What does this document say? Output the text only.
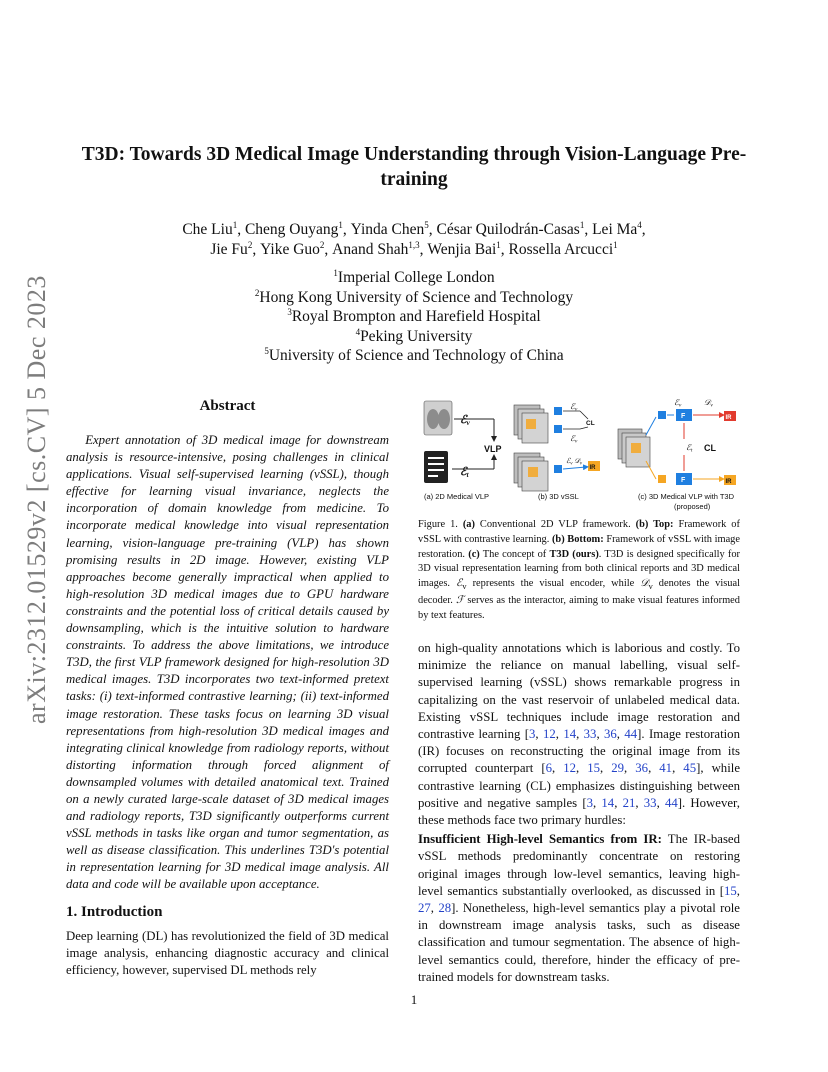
arXiv:2312.01529v2 [cs.CV] 5 Dec 2023
T3D: Towards 3D Medical Image Understanding through Vision-Language Pre-training
Che Liu$^1$, Cheng Ouyang$^1$, Yinda Chen$^5$, César Quilodrán-Casas$^1$, Lei Ma$^4$,
Jie Fu$^2$, Yike Guo$^2$, Anand Shah$^{1,3}$, Wenjia Bai$^1$, Rossella Arcucci$^1$
$^1$Imperial College London
$^2$Hong Kong University of Science and Technology
$^3$Royal Brompton and Harefield Hospital
$^4$Peking University
$^5$University of Science and Technology of China
Abstract

Expert annotation of 3D medical image for downstream analysis is resource-intensive, posing challenges in clinical applications. Visual self-supervised learning (vSSL), though effective for learning visual invariance, neglects the incorporation of domain knowledge from medicine. To incorporate medical knowledge into visual representation learning, vision-language pre-training (VLP) has shown promising results in 2D image. However, existing VLP approaches become generally impractical when applied to high-resolution 3D medical images due to GPU hardware constraints and the potential loss of critical details caused by downsampling, which is the intuitive solution to hardware constraints. To address the above limitations, we introduce T3D, the first VLP framework designed for high-resolution 3D medical images. T3D incorporates two text-informed pretext tasks: (i) text-informed contrastive learning; (ii) text-informed image restoration. These tasks focus on learning 3D visual representations from high-resolution 3D medical images and integrating clinical knowledge from radiology reports, without distorting information through forced alignment of downsampled volumes with detailed anatomical text. Trained on a newly curated large-scale dataset of 3D medical images and radiology reports, T3D significantly outperforms current vSSL methods in tasks like organ and tumor segmentation, as well as disease classification. This underlines T3D's potential in representation learning for 3D medical image analysis. All data and code will be available upon acceptance.

1. Introduction

Deep learning (DL) has revolutionized the field of 3D medical image analysis, enhancing diagnostic accuracy and clinical efficiency, however, supervised DL methods rely

ℰv
ℰt
VLP
(a) 2D Medical VLP
ℰv
ℰv
CL
ℰ$_v$ 𝒟$_v$
IR
(b) 3D vSSL
F
F
ℰv	𝒟v
ℰt CL
IR
IR
(c) 3D Medical VLP with T3D
(proposed)
Figure 1. (a) Conventional 2D VLP framework. (b) Top: Framework of vSSL with contrastive learning. (b) Bottom: Framework of vSSL with image restoration. (c) The concept of T3D (ours). T3D is designed specifically for 3D visual representation learning from both clinical reports and 3D medical images. ℰ$_v$ represents the visual encoder, while 𝒟$_v$ denotes the visual decoder. ℱ serves as the interactor, aiming to make visual features informed by text features.

on high-quality annotations which is laborious and costly. To minimize the reliance on manual labelling, visual self-supervised learning (vSSL) shows remarkable progress in capitalizing on the vast reservoir of unlabeled medical data. Existing vSSL techniques include image restoration and contrastive learning [3, 12, 14, 33, 36, 44]. Image restoration (IR) focuses on reconstructing the original image from its corrupted counterpart [6, 12, 15, 29, 36, 41, 45], while contrastive learning (CL) emphasizes distinguishing between positive and negative samples [3, 14, 21, 33, 44]. However, these methods face two primary hurdles:

Insufficient High-level Semantics from IR: The IR-based vSSL methods predominantly concentrate on restoring original images through low-level semantics, leaving high-level semantics substantially overlooked, as discussed in [15, 27, 28]. Nonetheless, high-level semantics play a pivotal role in downstream image analysis tasks, such as disease classification and tumour segmentation. The absence of high-level semantics could, therefore, hinder the efficacy of pre-trained models for downstream tasks.

1
